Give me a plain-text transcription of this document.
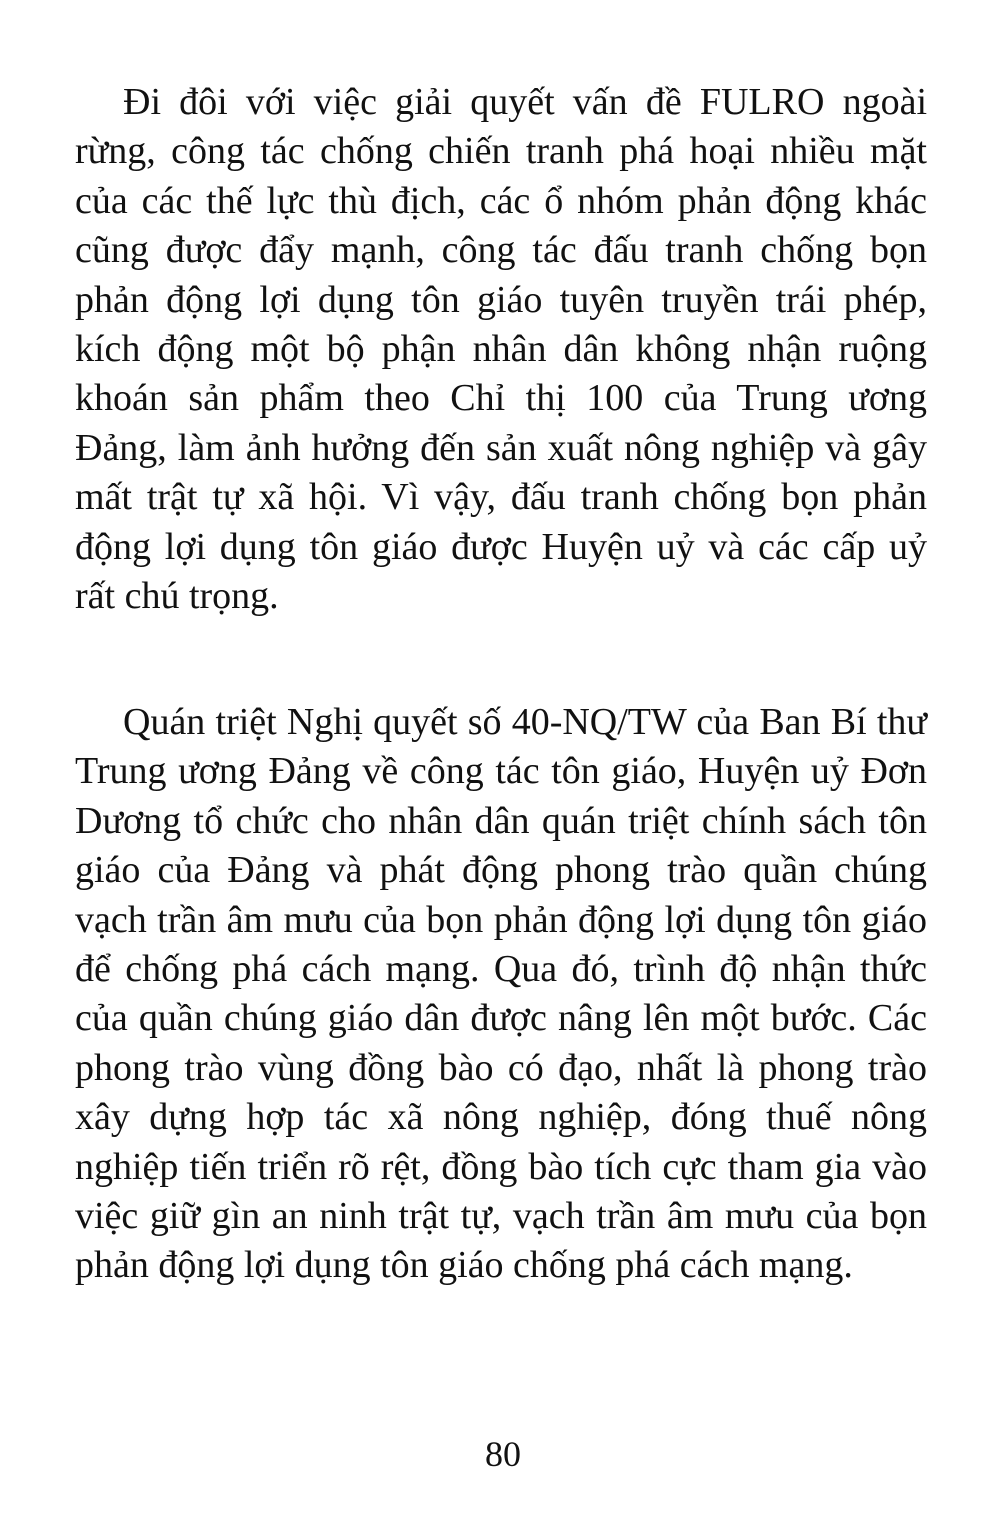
Đi đôi với việc giải quyết vấn đề FULRO ngoài rừng, công tác chống chiến tranh phá hoại nhiều mặt của các thế lực thù địch, các ổ nhóm phản động khác cũng được đẩy mạnh, công tác đấu tranh chống bọn phản động lợi dụng tôn giáo tuyên truyền trái phép, kích động một bộ phận nhân dân không nhận ruộng khoán sản phẩm theo Chỉ thị 100 của Trung ương Đảng, làm ảnh hưởng đến sản xuất nông nghiệp và gây mất trật tự xã hội. Vì vậy, đấu tranh chống bọn phản động lợi dụng tôn giáo được Huyện uỷ và các cấp uỷ rất chú trọng.

Quán triệt Nghị quyết số 40-NQ/TW của Ban Bí thư Trung ương Đảng về công tác tôn giáo, Huyện uỷ Đơn Dương tổ chức cho nhân dân quán triệt chính sách tôn giáo của Đảng và phát động phong trào quần chúng vạch trần âm mưu của bọn phản động lợi dụng tôn giáo để chống phá cách mạng. Qua đó, trình độ nhận thức của quần chúng giáo dân được nâng lên một bước. Các phong trào vùng đồng bào có đạo, nhất là phong trào xây dựng hợp tác xã nông nghiệp, đóng thuế nông nghiệp tiến triển rõ rệt, đồng bào tích cực tham gia vào việc giữ gìn an ninh trật tự, vạch trần âm mưu của bọn phản động lợi dụng tôn giáo chống phá cách mạng.

80
